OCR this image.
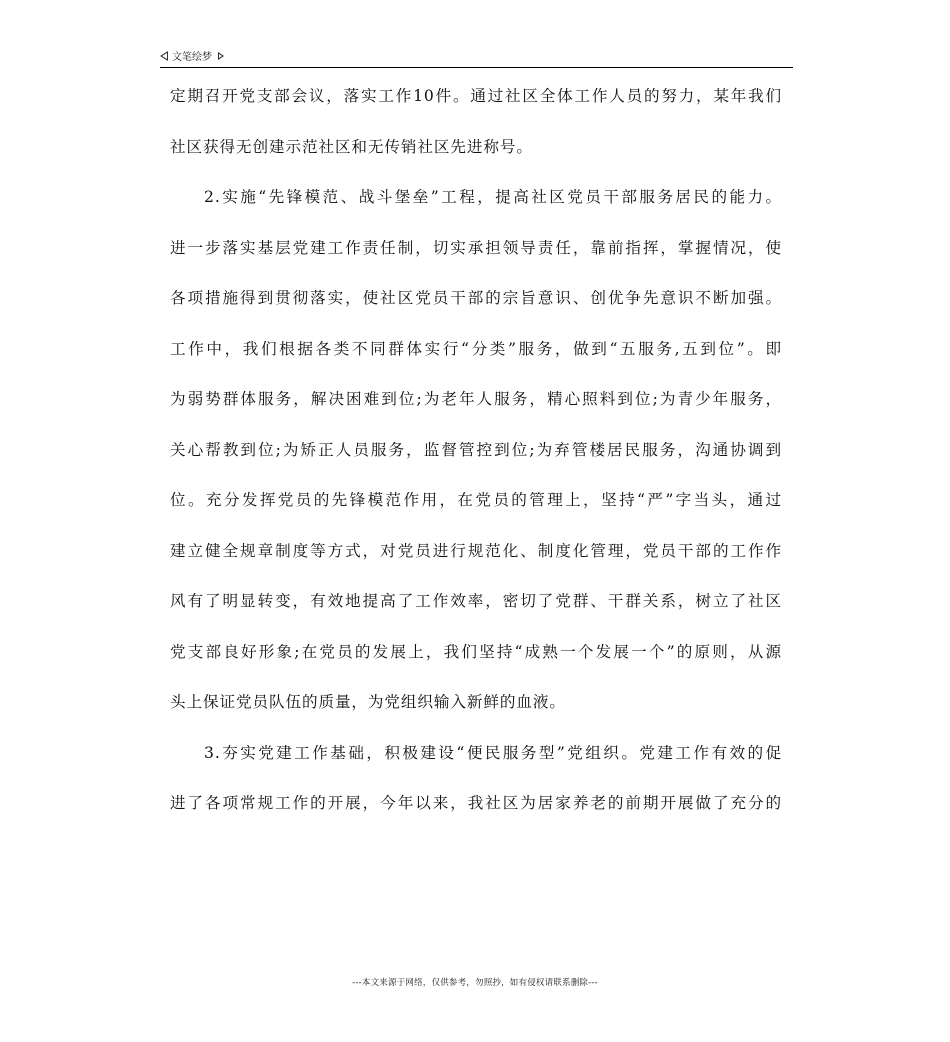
文笔绘梦
定期召开党支部会议，落实工作10件。通过社区全体工作人员的努力，某年我们
社区获得无创建示范社区和无传销社区先进称号。
2.实施“先锋模范、战斗堡垒”工程，提高社区党员干部服务居民的能力。
进一步落实基层党建工作责任制，切实承担领导责任，靠前指挥，掌握情况，使
各项措施得到贯彻落实，使社区党员干部的宗旨意识、创优争先意识不断加强。
工作中，我们根据各类不同群体实行“分类”服务，做到“五服务,五到位”。即
为弱势群体服务，解决困难到位;为老年人服务，精心照料到位;为青少年服务，
关心帮教到位;为矫正人员服务，监督管控到位;为弃管楼居民服务，沟通协调到
位。充分发挥党员的先锋模范作用，在党员的管理上，坚持“严”字当头，通过
建立健全规章制度等方式，对党员进行规范化、制度化管理，党员干部的工作作
风有了明显转变，有效地提高了工作效率，密切了党群、干群关系，树立了社区
党支部良好形象;在党员的发展上，我们坚持“成熟一个发展一个”的原则，从源
头上保证党员队伍的质量，为党组织输入新鲜的血液。
3.夯实党建工作基础，积极建设“便民服务型”党组织。党建工作有效的促
进了各项常规工作的开展，今年以来，我社区为居家养老的前期开展做了充分的
---本文来源于网络，仅供参考，勿照抄，如有侵权请联系删除---
